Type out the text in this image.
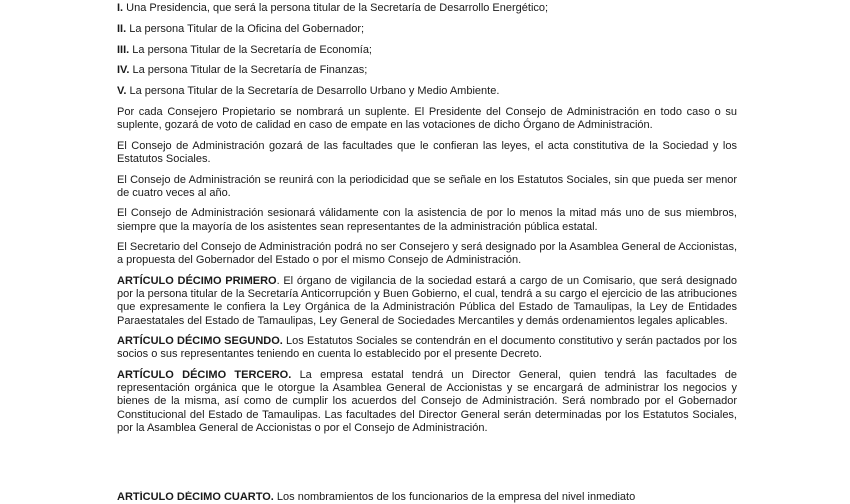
I. Una Presidencia, que será la persona titular de la Secretaría de Desarrollo Energético;
II. La persona Titular de la Oficina del Gobernador;
III. La persona Titular de la Secretaría de Economía;
IV. La persona Titular de la Secretaría de Finanzas;
V. La persona Titular de la Secretaría de Desarrollo Urbano y Medio Ambiente.

Por cada Consejero Propietario se nombrará un suplente. El Presidente del Consejo de Administración en todo caso o su suplente, gozará de voto de calidad en caso de empate en las votaciones de dicho Órgano de Administración.

El Consejo de Administración gozará de las facultades que le confieran las leyes, el acta constitutiva de la Sociedad y los Estatutos Sociales.

El Consejo de Administración se reunirá con la periodicidad que se señale en los Estatutos Sociales, sin que pueda ser menor de cuatro veces al año.

El Consejo de Administración sesionará válidamente con la asistencia de por lo menos la mitad más uno de sus miembros, siempre que la mayoría de los asistentes sean representantes de la administración pública estatal.

El Secretario del Consejo de Administración podrá no ser Consejero y será designado por la Asamblea General de Accionistas, a propuesta del Gobernador del Estado o por el mismo Consejo de Administración.

ARTÍCULO DÉCIMO PRIMERO. El órgano de vigilancia de la sociedad estará a cargo de un Comisario, que será designado por la persona titular de la Secretaría Anticorrupción y Buen Gobierno, el cual, tendrá a su cargo el ejercicio de las atribuciones que expresamente le confiera la Ley Orgánica de la Administración Pública del Estado de Tamaulipas, la Ley de Entidades Paraestatales del Estado de Tamaulipas, Ley General de Sociedades Mercantiles y demás ordenamientos legales aplicables.

ARTÍCULO DÉCIMO SEGUNDO. Los Estatutos Sociales se contendrán en el documento constitutivo y serán pactados por los socios o sus representantes teniendo en cuenta lo establecido por el presente Decreto.

ARTÍCULO DÉCIMO TERCERO. La empresa estatal tendrá un Director General, quien tendrá las facultades de representación orgánica que le otorgue la Asamblea General de Accionistas y se encargará de administrar los negocios y bienes de la misma, así como de cumplir los acuerdos del Consejo de Administración. Será nombrado por el Gobernador Constitucional del Estado de Tamaulipas. Las facultades del Director General serán determinadas por los Estatutos Sociales, por la Asamblea General de Accionistas o por el Consejo de Administración.

ARTÍCULO DÉCIMO CUARTO. Los nombramientos de los funcionarios de la empresa del nivel inmediato
